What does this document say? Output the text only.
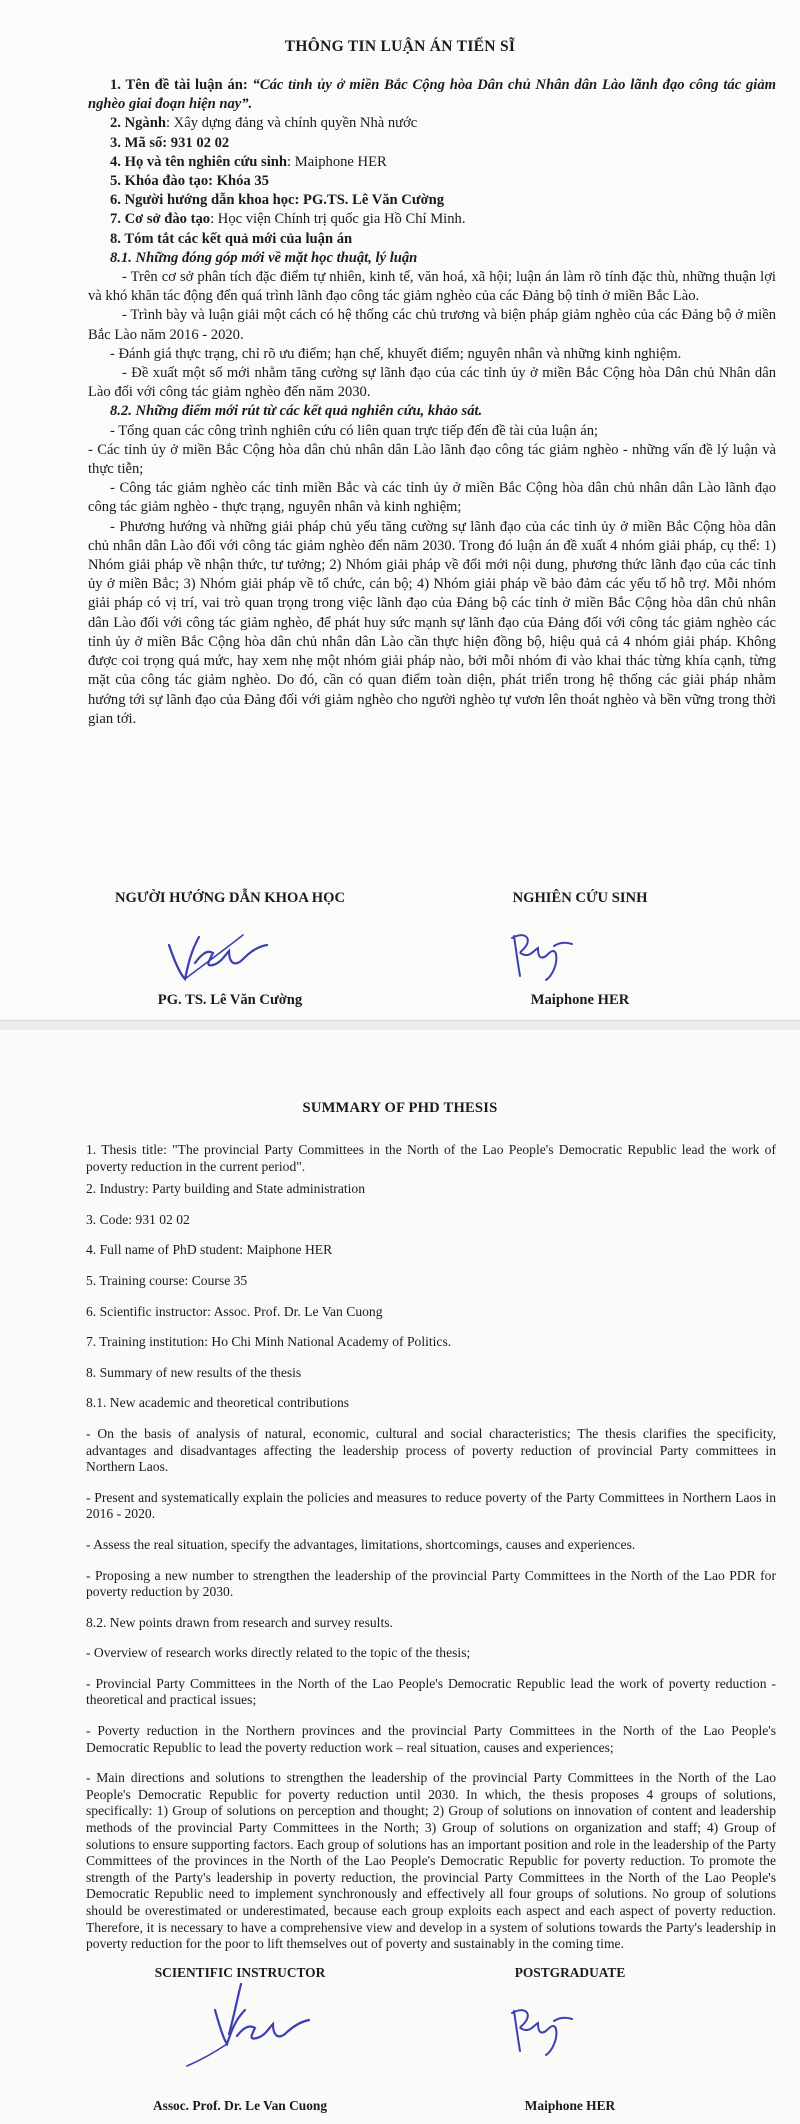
THÔNG TIN LUẬN ÁN TIẾN SĨ

1. Tên đề tài luận án: “Các tỉnh ủy ở miền Bắc Cộng hòa Dân chủ Nhân dân Lào lãnh đạo công tác giảm nghèo giai đoạn hiện nay”.

2. Ngành: Xây dựng đảng và chính quyền Nhà nước

3. Mã số: 931 02 02

4. Họ và tên nghiên cứu sinh: Maiphone HER

5. Khóa đào tạo: Khóa 35

6. Người hướng dẫn khoa học: PG.TS. Lê Văn Cường

7. Cơ sở đào tạo: Học viện Chính trị quốc gia Hồ Chí Minh.

8. Tóm tắt các kết quả mới của luận án

8.1. Những đóng góp mới về mặt học thuật, lý luận

- Trên cơ sở phân tích đặc điểm tự nhiên, kinh tế, văn hoá, xã hội; luận án làm rõ tính đặc thù, những thuận lợi và khó khăn tác động đến quá trình lãnh đạo công tác giảm nghèo của các Đảng bộ tỉnh ở miền Bắc Lào.

- Trình bày và luận giải một cách có hệ thống các chủ trương và biện pháp giảm nghèo của các Đảng bộ ở miền Bắc Lào năm 2016 - 2020.

- Đánh giá thực trạng, chỉ rõ ưu điểm; hạn chế, khuyết điểm; nguyên nhân và những kinh nghiệm.

- Đề xuất một số mới nhằm tăng cường sự lãnh đạo của các tỉnh ủy ở miền Bắc Cộng hòa Dân chủ Nhân dân Lào đối với công tác giảm nghèo đến năm 2030.

8.2. Những điểm mới rút từ các kết quả nghiên cứu, khảo sát.

- Tổng quan các công trình nghiên cứu có liên quan trực tiếp đến đề tài của luận án;

- Các tỉnh ủy ở miền Bắc Cộng hòa dân chủ nhân dân Lào lãnh đạo công tác giảm nghèo - những vấn đề lý luận và thực tiễn;

- Công tác giảm nghèo các tỉnh miền Bắc và các tỉnh ủy ở miền Bắc Cộng hòa dân chủ nhân dân Lào lãnh đạo công tác giảm nghèo - thực trạng, nguyên nhân và kinh nghiệm;

- Phương hướng và những giải pháp chủ yếu tăng cường sự lãnh đạo của các tỉnh ủy ở miền Bắc Cộng hòa dân chủ nhân dân Lào đối với công tác giảm nghèo đến năm 2030. Trong đó luận án đề xuất 4 nhóm giải pháp, cụ thể: 1) Nhóm giải pháp về nhận thức, tư tưởng; 2) Nhóm giải pháp về đổi mới nội dung, phương thức lãnh đạo của các tỉnh ủy ở miền Bắc; 3) Nhóm giải pháp về tổ chức, cán bộ; 4) Nhóm giải pháp về bảo đảm các yếu tố hỗ trợ. Mỗi nhóm giải pháp có vị trí, vai trò quan trọng trong việc lãnh đạo của Đảng bộ các tỉnh ở miền Bắc Cộng hòa dân chủ nhân dân Lào đối với công tác giảm nghèo, để phát huy sức mạnh sự lãnh đạo của Đảng đối với công tác giảm nghèo các tỉnh ủy ở miền Bắc Cộng hòa dân chủ nhân dân Lào cần thực hiện đồng bộ, hiệu quả cả 4 nhóm giải pháp. Không được coi trọng quá mức, hay xem nhẹ một nhóm giải pháp nào, bởi mỗi nhóm đi vào khai thác từng khía cạnh, từng mặt của công tác giảm nghèo. Do đó, cần có quan điểm toàn diện, phát triển trong hệ thống các giải pháp nhằm hướng tới sự lãnh đạo của Đảng đối với giảm nghèo cho người nghèo tự vươn lên thoát nghèo và bền vững trong thời gian tới.

NGƯỜI HƯỚNG DẪN KHOA HỌC	NGHIÊN CỨU SINH
PG. TS. Lê Văn Cường	Maiphone HER
SUMMARY OF PHD THESIS

1. Thesis title: "The provincial Party Committees in the North of the Lao People's Democratic Republic lead the work of poverty reduction in the current period".

2. Industry: Party building and State administration

3. Code: 931 02 02

4. Full name of PhD student: Maiphone HER

5. Training course: Course 35

6. Scientific instructor: Assoc. Prof. Dr. Le Van Cuong

7. Training institution: Ho Chi Minh National Academy of Politics.

8. Summary of new results of the thesis

8.1. New academic and theoretical contributions

- On the basis of analysis of natural, economic, cultural and social characteristics; The thesis clarifies the specificity, advantages and disadvantages affecting the leadership process of poverty reduction of provincial Party committees in Northern Laos.

- Present and systematically explain the policies and measures to reduce poverty of the Party Committees in Northern Laos in 2016 - 2020.

- Assess the real situation, specify the advantages, limitations, shortcomings, causes and experiences.

- Proposing a new number to strengthen the leadership of the provincial Party Committees in the North of the Lao PDR for poverty reduction by 2030.

8.2. New points drawn from research and survey results.

- Overview of research works directly related to the topic of the thesis;

- Provincial Party Committees in the North of the Lao People's Democratic Republic lead the work of poverty reduction - theoretical and practical issues;

- Poverty reduction in the Northern provinces and the provincial Party Committees in the North of the Lao People's Democratic Republic to lead the poverty reduction work – real situation, causes and experiences;

- Main directions and solutions to strengthen the leadership of the provincial Party Committees in the North of the Lao People's Democratic Republic for poverty reduction until 2030. In which, the thesis proposes 4 groups of solutions, specifically: 1) Group of solutions on perception and thought; 2) Group of solutions on innovation of content and leadership methods of the provincial Party Committees in the North; 3) Group of solutions on organization and staff; 4) Group of solutions to ensure supporting factors. Each group of solutions has an important position and role in the leadership of the Party Committees of the provinces in the North of the Lao People's Democratic Republic for poverty reduction. To promote the strength of the Party's leadership in poverty reduction, the provincial Party Committees in the North of the Lao People's Democratic Republic need to implement synchronously and effectively all four groups of solutions. No group of solutions should be overestimated or underestimated, because each group exploits each aspect and each aspect of poverty reduction. Therefore, it is necessary to have a comprehensive view and develop in a system of solutions towards the Party's leadership in poverty reduction for the poor to lift themselves out of poverty and sustainably in the coming time.

SCIENTIFIC INSTRUCTOR	POSTGRADUATE
Assoc. Prof. Dr. Le Van Cuong	Maiphone HER
